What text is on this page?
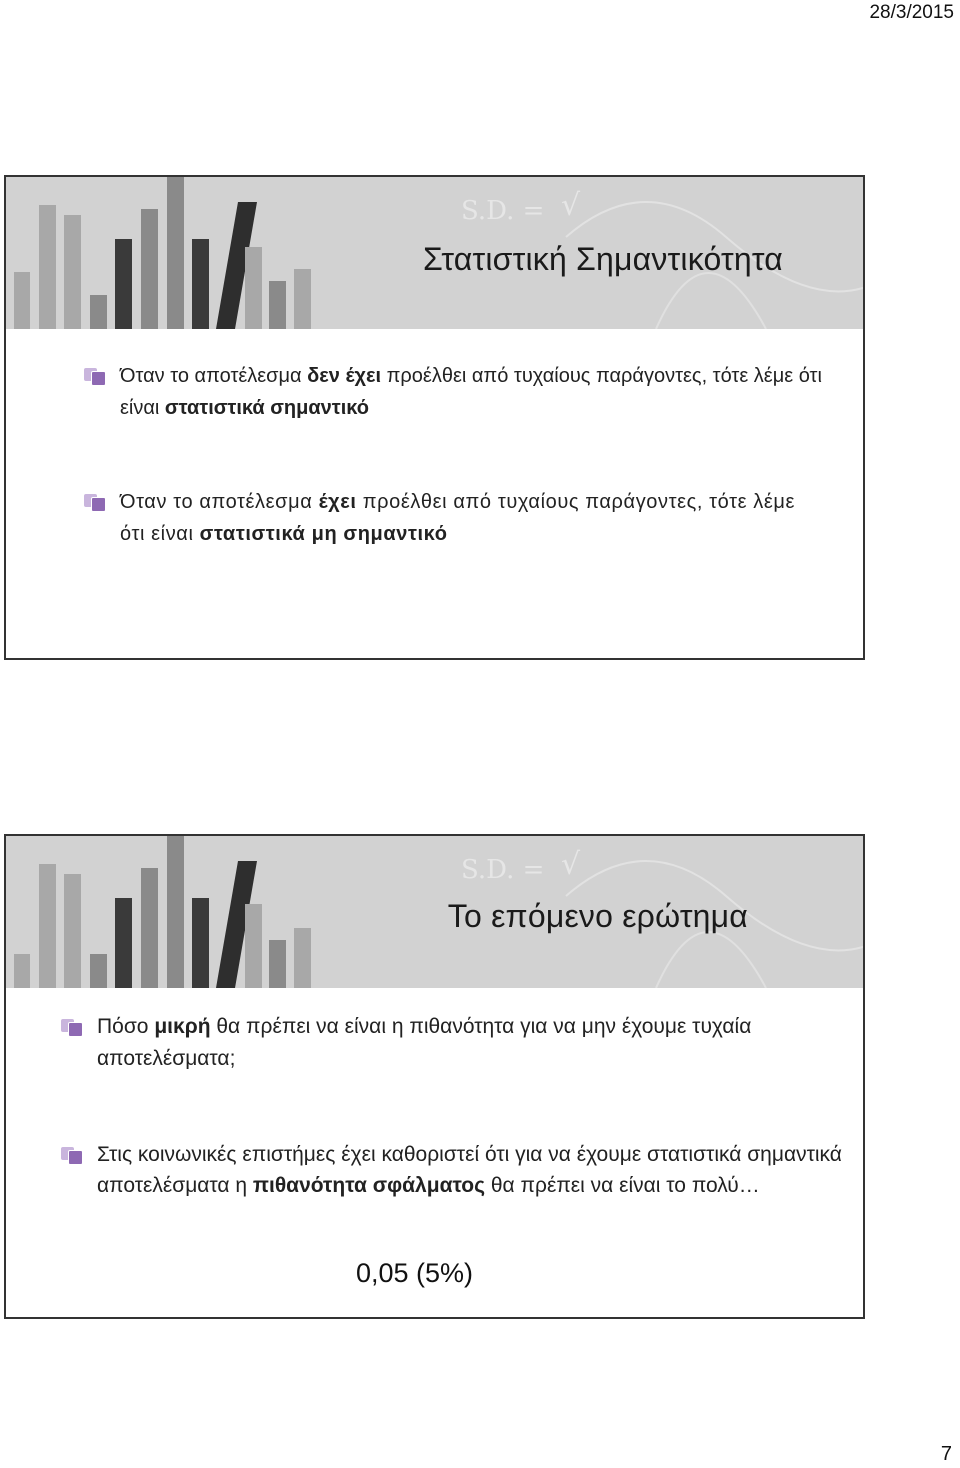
28/3/2015
S.D. = √
Στατιστική Σημαντικότητα
Όταν το αποτέλεσμα δεν έχει προέλθει από τυχαίους παράγοντες, τότε λέμε ότι είναι στατιστικά σημαντικό
Όταν το αποτέλεσμα έχει προέλθει από τυχαίους παράγοντες, τότε λέμε ότι είναι στατιστικά μη σημαντικό
S.D. = √
Το επόμενο ερώτημα
Πόσο μικρή θα πρέπει να είναι η πιθανότητα για να μην έχουμε τυχαία αποτελέσματα;
Στις κοινωνικές επιστήμες έχει καθοριστεί ότι για να έχουμε στατιστικά σημαντικά αποτελέσματα η πιθανότητα σφάλματος θα πρέπει να είναι το πολύ…
0,05 (5%)
7
